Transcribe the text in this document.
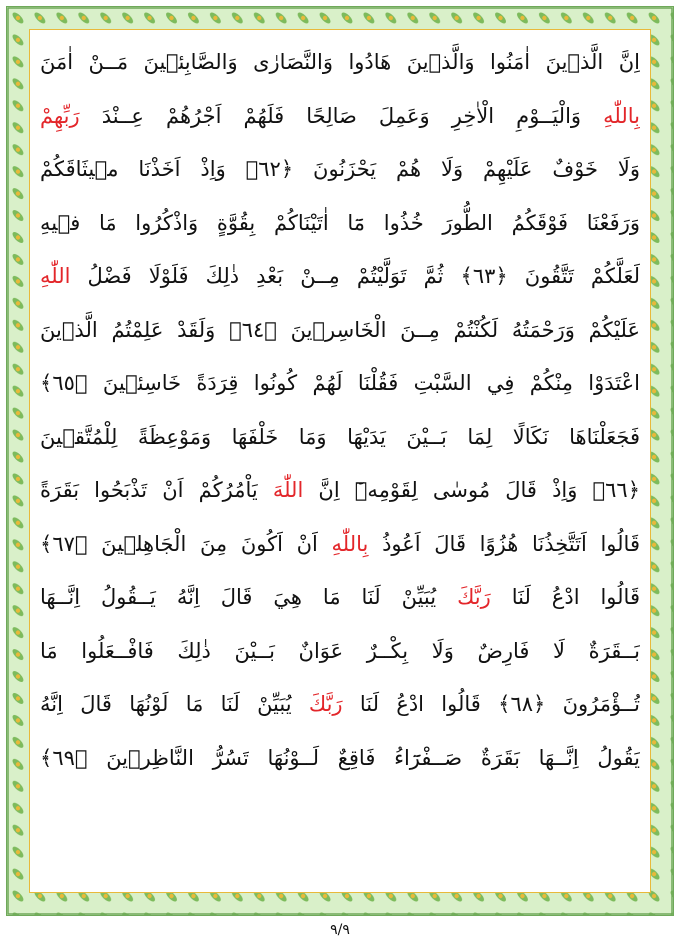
اِنَّ الَّذٖينَ اٰمَنُوا وَالَّذٖينَ هَادُوا وَالنَّصَارٰى وَالصَّابِئٖينَ مَــنْ اٰمَنَ
بِاللّٰهِ وَالْيَــوْمِ الْاٰخِرِ وَعَمِلَ صَالِحًا فَلَهُمْ اَجْرُهُمْ عِــنْدَ رَبِّهِمْ
وَلَا خَوْفٌ عَلَيْهِمْ وَلَا هُمْ يَحْزَنُونَ ﴿٦٢﴾ وَاِذْ اَخَذْنَا مٖيثَاقَكُمْ
وَرَفَعْنَا فَوْقَكُمُ الطُّورَ خُذُوا مَٓا اٰتَيْنَاكُمْ بِقُوَّةٍ وَاذْكُرُوا مَا فٖيهِ
لَعَلَّكُمْ تَتَّقُونَ ﴿٦٣﴾ ثُمَّ تَوَلَّيْتُمْ مِــنْ بَعْدِ ذٰلِكَ فَلَوْلَا فَضْلُ اللّٰهِ
عَلَيْكُمْ وَرَحْمَتُهُ لَكُنْتُمْ مِــنَ الْخَاسِرٖينَ ﴿٦٤﴾ وَلَقَدْ عَلِمْتُمُ الَّذٖينَ
اعْتَدَوْا مِنْكُمْ فِي السَّبْتِ فَقُلْنَا لَهُمْ كُونُوا قِرَدَةً خَاسِئٖينَ ﴿٦٥﴾
فَجَعَلْنَاهَا نَكَالًا لِمَا بَــيْنَ يَدَيْهَا وَمَا خَلْفَهَا وَمَوْعِظَةً لِلْمُتَّقٖينَ
﴿٦٦﴾ وَاِذْ قَالَ مُوسٰى لِقَوْمِهٖٓ اِنَّ اللّٰهَ يَاْمُرُكُمْ اَنْ تَذْبَحُوا بَقَرَةً
قَالُوا اَتَتَّخِذُنَا هُزُوًا قَالَ اَعُوذُ بِاللّٰهِ اَنْ اَكُونَ مِنَ الْجَاهِلٖينَ ﴿٦٧﴾
قَالُوا ادْعُ لَنَا رَبَّكَ يُبَيِّنْ لَنَا مَا هِيَ قَالَ اِنَّهُ يَــقُولُ اِنَّــهَا
بَــقَرَةٌ لَا فَارِضٌ وَلَا بِكْــرٌ عَوَانٌ بَــيْنَ ذٰلِكَ فَافْــعَلُوا مَا
تُــؤْمَرُونَ ﴿٦٨﴾ قَالُوا ادْعُ لَنَا رَبَّكَ يُبَيِّنْ لَنَا مَا لَوْنُهَا قَالَ اِنَّهُ
يَقُولُ اِنَّــهَا بَقَرَةٌ صَــفْرَٓاءُ فَاقِعٌ لَــوْنُهَا تَسُرُّ النَّاظِرٖينَ ﴿٦٩﴾
٩/٩
